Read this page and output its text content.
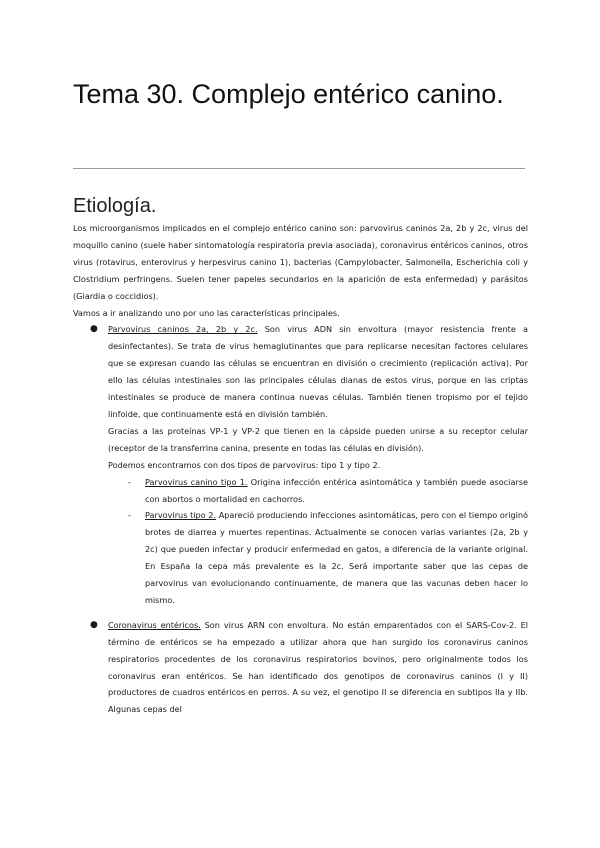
Tema 30. Complejo entérico canino.
Etiología.

Los microorganismos implicados en el complejo entérico canino son: parvovirus caninos 2a, 2b y 2c, virus del moquillo canino (suele haber sintomatología respiratoria previa asociada), coronavirus entéricos caninos, otros virus (rotavirus, enterovirus y herpesvirus canino 1), bacterias (Campylobacter, Salmonella, Escherichia coli y Clostridium perfringens. Suelen tener papeles secundarios en la aparición de esta enfermedad) y parásitos (Giardia o coccidios).

Vamos a ir analizando uno por uno las características principales.

● Parvovirus caninos 2a, 2b y 2c. Son virus ADN sin envoltura (mayor resistencia frente a desinfectantes). Se trata de virus hemaglutinantes que para replicarse necesitan factores celulares que se expresan cuando las células se encuentran en división o crecimiento (replicación activa). Por ello las células intestinales son las principales células dianas de estos virus, porque en las criptas intestinales se produce de manera continua nuevas células. También tienen tropismo por el tejido linfoide, que continuamente está en división también.

Gracias a las proteínas VP-1 y VP-2 que tienen en la cápside pueden unirse a su receptor celular (receptor de la transferrina canina, presente en todas las células en división).

Podemos encontramos con dos tipos de parvovirus: tipo 1 y tipo 2.

- Parvovirus canino tipo 1. Origina infección entérica asintomática y también puede asociarse con abortos o mortalidad en cachorros.
- Parvovirus tipo 2. Apareció produciendo infecciones asintomáticas, pero con el tiempo originó brotes de diarrea y muertes repentinas. Actualmente se conocen varias variantes (2a, 2b y 2c) que pueden infectar y producir enfermedad en gatos, a diferencia de la variante original. En España la cepa más prevalente es la 2c. Será importante saber que las cepas de parvovirus van evolucionando continuamente, de manera que las vacunas deben hacer lo mismo.
● Coronavirus entéricos. Son virus ARN con envoltura. No están emparentados con el SARS-Cov-2. El término de entéricos se ha empezado a utilizar ahora que han surgido los coronavirus caninos respiratorios procedentes de los coronavirus respiratorios bovinos, pero originalmente todos los coronavirus eran entéricos. Se han identificado dos genotipos de coronavirus caninos (I y II) productores de cuadros entéricos en perros. A su vez, el genotipo II se diferencia en subtipos IIa y IIb. Algunas cepas del
